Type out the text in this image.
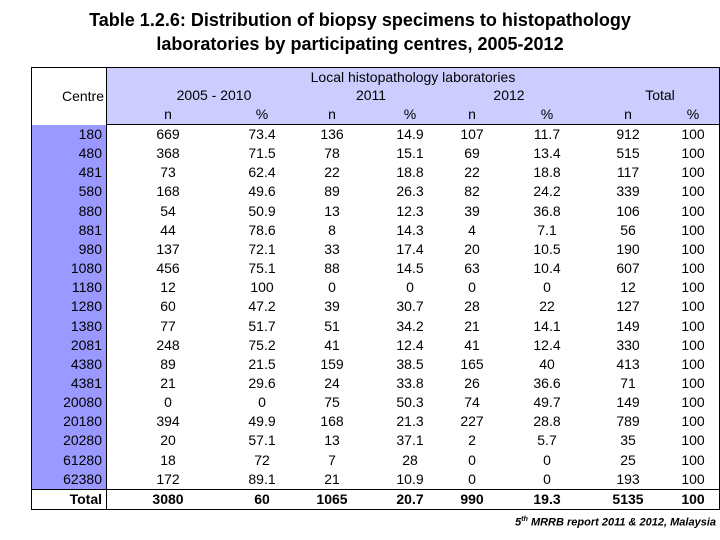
Table 1.2.6: Distribution of biopsy specimens to histopathology
laboratories by participating centres, 2005-2012
Centre
Local histopathology laboratories
2005 - 2010	2011	2012	Total
n	%	n	%	n	%	n	%
180	669	73.4	136	14.9	107	11.7	912	100
480	368	71.5	78	15.1	69	13.4	515	100
481	73	62.4	22	18.8	22	18.8	117	100
580	168	49.6	89	26.3	82	24.2	339	100
880	54	50.9	13	12.3	39	36.8	106	100
881	44	78.6	8	14.3	4	7.1	56	100
980	137	72.1	33	17.4	20	10.5	190	100
1080	456	75.1	88	14.5	63	10.4	607	100
1180	12	100	0	0	0	0	12	100
1280	60	47.2	39	30.7	28	22	127	100
1380	77	51.7	51	34.2	21	14.1	149	100
2081	248	75.2	41	12.4	41	12.4	330	100
4380	89	21.5	159	38.5	165	40	413	100
4381	21	29.6	24	33.8	26	36.6	71	100
20080	0	0	75	50.3	74	49.7	149	100
20180	394	49.9	168	21.3	227	28.8	789	100
20280	20	57.1	13	37.1	2	5.7	35	100
61280	18	72	7	28	0	0	25	100
62380	172	89.1	21	10.9	0	0	193	100
Total	3080	60	1065	20.7	990	19.3	5135	100
5th MRRB report 2011 & 2012, Malaysia
